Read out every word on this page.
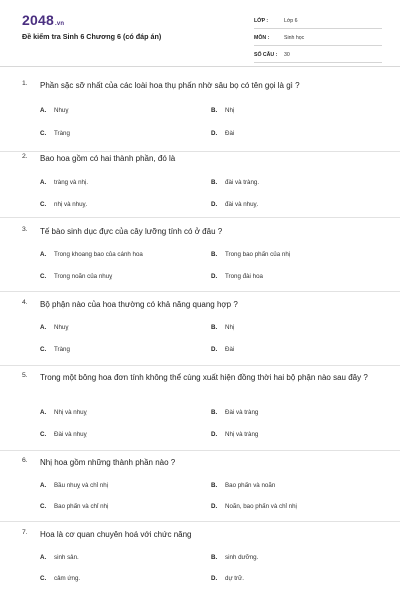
2048.vn
Đề kiểm tra Sinh 6 Chương 6 (có đáp án)
LỚP :	Lớp 6
MÔN :	Sinh học
SỐ CÂU :	30
1. Phần sặc sỡ nhất của các loài hoa thụ phấn nhờ sâu bọ có tên gọi là gì ?
A. Nhuỵ	B. Nhị
C. Tràng	D. Đài
2. Bao hoa gồm có hai thành phần, đó là
A. tràng và nhị.	B. đài và tràng.
C. nhị và nhuỵ.	D. đài và nhuỵ.
3. Tế bào sinh dục đực của cây lưỡng tính có ở đâu ?
A. Trong khoang bao của cánh hoa	B. Trong bao phấn của nhị
C. Trong noãn của nhuỵ	D. Trong đài hoa
4. Bộ phận nào của hoa thường có khả năng quang hợp ?
A. Nhuỵ	B. Nhị
C. Tràng	D. Đài
5. Trong một bông hoa đơn tính không thể cùng xuất hiện đồng thời hai bộ phận nào sau đây ?
A. Nhị và nhuỵ	B. Đài và tràng
C. Đài và nhuỵ	D. Nhị và tràng
6. Nhị hoa gồm những thành phần nào ?
A. Bầu nhuỵ và chỉ nhị	B. Bao phấn và noãn
C. Bao phấn và chỉ nhị	D. Noãn, bao phấn và chỉ nhị
7. Hoa là cơ quan chuyên hoá với chức năng
A. sinh sản.	B. sinh dưỡng.
C. cảm ứng.	D. dự trữ.
